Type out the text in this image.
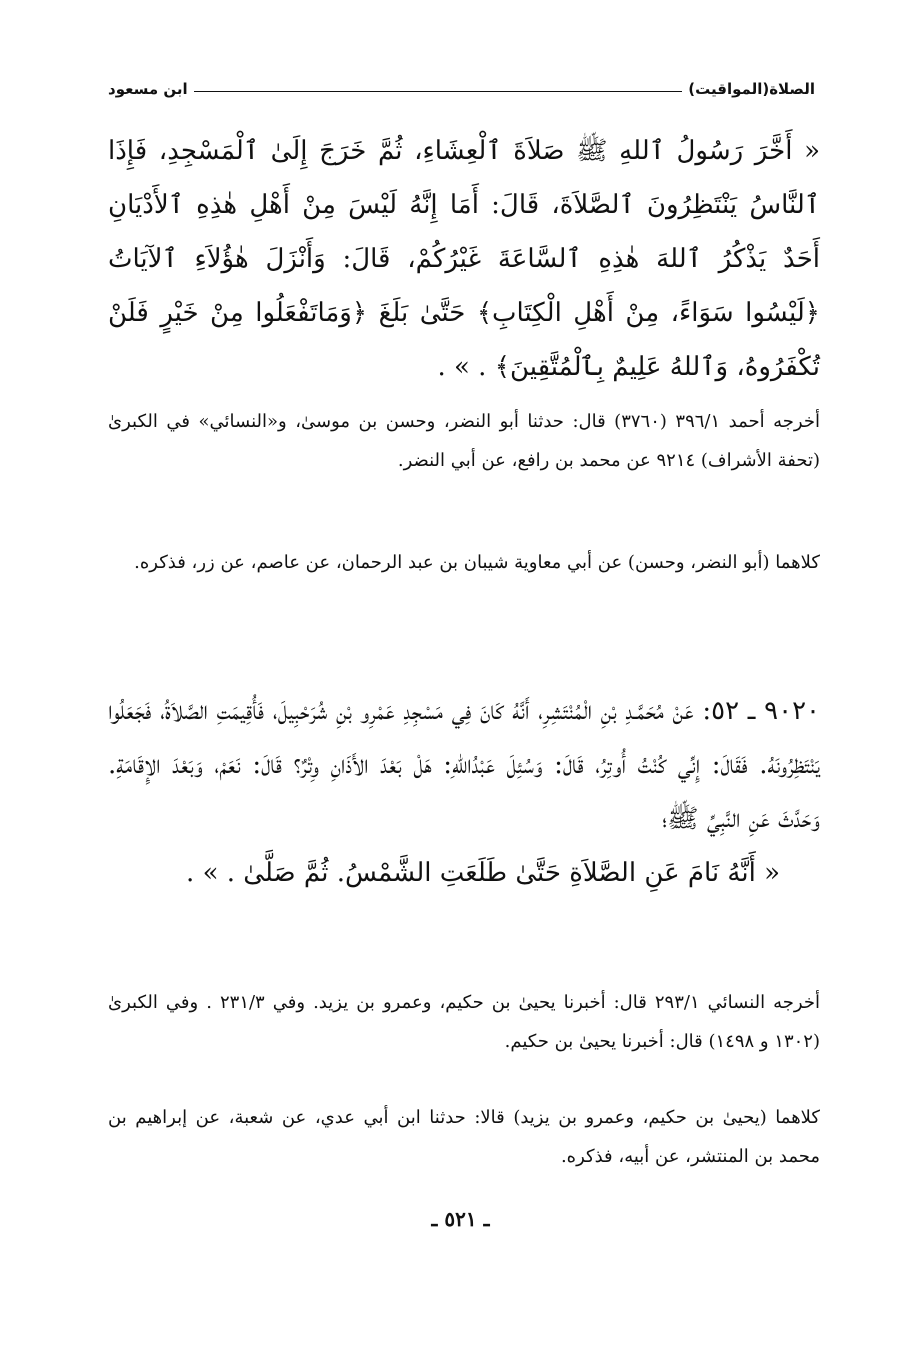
الصلاة(المواقيت)
ابن مسعود

« أَخَّرَ رَسُولُ ٱللهِ ﷺ صَلاَةَ ٱلْعِشَاءِ، ثُمَّ خَرَجَ إِلَىٰ ٱلْمَسْجِدِ، فَإِذَا ٱلنَّاسُ يَنْتَظِرُونَ ٱلصَّلاَةَ، قَالَ: أَمَا إِنَّهُ لَيْسَ مِنْ أَهْلِ هٰذِهِ ٱلأَدْيَانِ أَحَدٌ يَذْكُرُ ٱللهَ هٰذِهِ ٱلسَّاعَةَ غَيْرُكُمْ، قَالَ: وَأَنْزَلَ هٰؤُلاَءِ ٱلآيَاتُ ﴿لَيْسُوا سَوَاءً، مِنْ أَهْلِ الْكِتَابِ﴾ حَتَّىٰ بَلَغَ ﴿وَمَاتَفْعَلُوا مِنْ خَيْرٍ فَلَنْ تُكْفَرُوهُ، وَٱللهُ عَلِيمٌ بِٱلْمُتَّقِينَ﴾ . » .

أخرجه أحمد ٣٩٦/١ (٣٧٦٠) قال: حدثنا أبو النضر، وحسن بن موسىٰ، و«النسائي» في الكبرىٰ (تحفة الأشراف) ٩٢١٤ عن محمد بن رافع، عن أبي النضر.

كلاهما (أبو النضر، وحسن) عن أبي معاوية شيبان بن عبد الرحمان، عن عاصم، عن زر، فذكره.

٩٠٢٠ ـ ٥٢: عَنْ مُحَمَّـدِ بْنِ الْمُنْتَشِرِ، أَنَّهُ كَانَ فِي مَسْجِدِ عَمْرِو بْنِ شُرَحْبِيلَ، فَأُقِيمَتِ الصَّلاَةُ، فَجَعَلُوا يَنْتَظِرُونَهُ. فَقَالَ: إِنِّي كُنْتُ أُوتِرُ، قَالَ: وَسُئِلَ عَبْدُاللهِ: هَلْ بَعْدَ الأَذَانِ وِتْرٌ؟ قَالَ: نَعَمْ، وَبَعْدَ الإِقَامَةِ. وَحَدَّثَ عَنِ النَّبِيِّ ﷺ؛

« أَنَّهُ نَامَ عَنِ الصَّلاَةِ حَتَّىٰ طَلَعَتِ الشَّمْسُ. ثُمَّ صَلَّىٰ . » .

أخرجه النسائي ٢٩٣/١ قال: أخبرنا يحيىٰ بن حكيم، وعمرو بن يزيد. وفي ٢٣١/٣ . وفي الكبرىٰ (١٣٠٢ و ١٤٩٨) قال: أخبرنا يحيىٰ بن حكيم.

كلاهما (يحيىٰ بن حكيم، وعمرو بن يزيد) قالا: حدثنا ابن أبي عدي، عن شعبة، عن إبراهيم بن محمد بن المنتشر، عن أبيه، فذكره.

ـ ٥٢١ ـ
